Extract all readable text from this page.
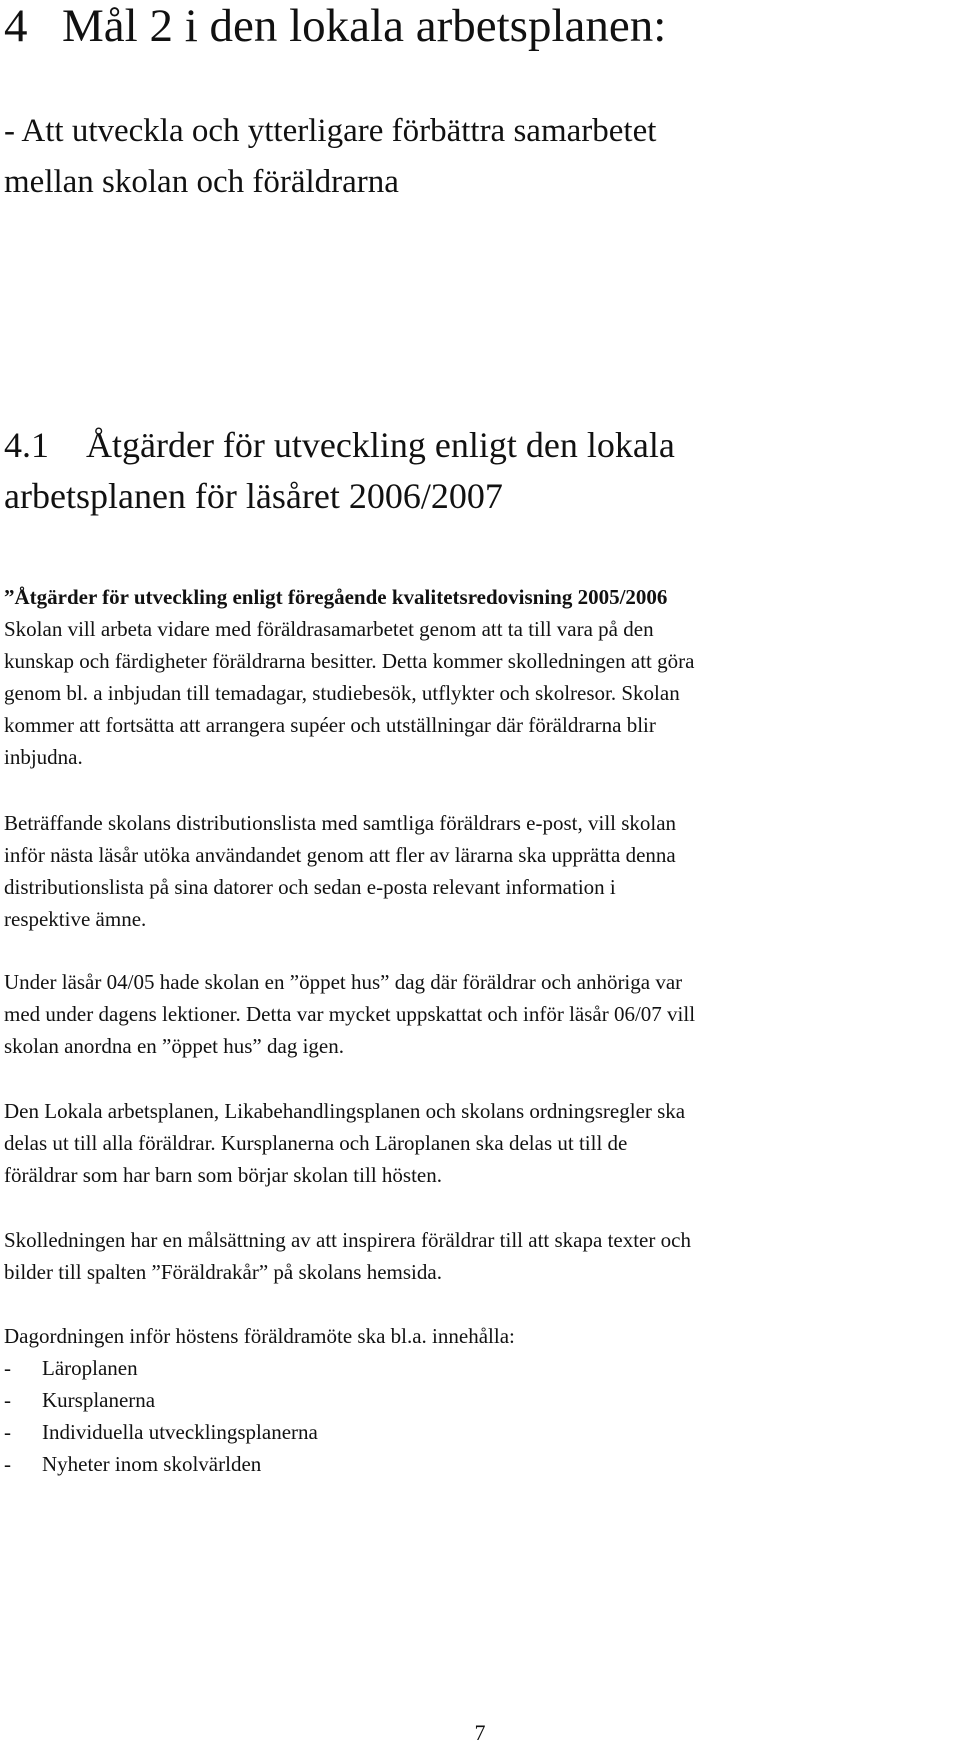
4 Mål 2 i den lokala arbetsplanen:
- Att utveckla och ytterligare förbättra samarbetet
mellan skolan och föräldrarna
4.1 Åtgärder för utveckling enligt den lokala
arbetsplanen för läsåret 2006/2007
”Åtgärder för utveckling enligt föregående kvalitetsredovisning 2005/2006
Skolan vill arbeta vidare med föräldrasamarbetet genom att ta till vara på den
kunskap och färdigheter föräldrarna besitter. Detta kommer skolledningen att göra
genom bl. a inbjudan till temadagar, studiebesök, utflykter och skolresor. Skolan
kommer att fortsätta att arrangera supéer och utställningar där föräldrarna blir
inbjudna.
Beträffande skolans distributionslista med samtliga föräldrars e-post, vill skolan
inför nästa läsår utöka användandet genom att fler av lärarna ska upprätta denna
distributionslista på sina datorer och sedan e-posta relevant information i
respektive ämne.
Under läsår 04/05 hade skolan en ”öppet hus” dag där föräldrar och anhöriga var
med under dagens lektioner. Detta var mycket uppskattat och inför läsår 06/07 vill
skolan anordna en ”öppet hus” dag igen.
Den Lokala arbetsplanen, Likabehandlingsplanen och skolans ordningsregler ska
delas ut till alla föräldrar. Kursplanerna och Läroplanen ska delas ut till de
föräldrar som har barn som börjar skolan till hösten.
Skolledningen har en målsättning av att inspirera föräldrar till att skapa texter och
bilder till spalten ”Föräldrakår” på skolans hemsida.
Dagordningen inför höstens föräldramöte ska bl.a. innehålla:
- Läroplanen
- Kursplanerna
- Individuella utvecklingsplanerna
- Nyheter inom skolvärlden
7
